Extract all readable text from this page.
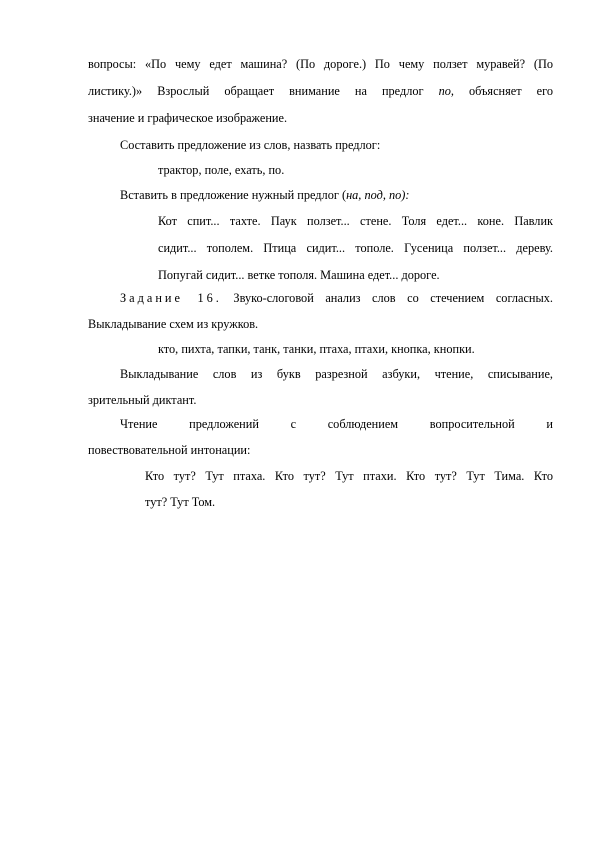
вопросы: «По чему едет машина? (По дороге.) По чему ползет муравей? (По

листику.)» Взрослый обращает внимание на предлог по, объясняет его

значение и графическое изображение.

Составить предложение из слов, назвать предлог:

трактор, поле, ехать, по.

Вставить в предложение нужный предлог (на, под, по):

Кот спит... тахте. Паук ползет... стене. Толя едет... коне. Павлик

сидит... тополем. Птица сидит... тополе. Гусеница ползет... дереву.

Попугай сидит... ветке тополя. Машина едет... дороге.

Задание 16. Звуко-слоговой анализ слов со стечением согласных.

Выкладывание схем из кружков.

кто, пихта, тапки, танк, танки, птаха, птахи, кнопка, кнопки.

Выкладывание слов из букв разрезной азбуки, чтение, списывание,

зрительный диктант.

Чтение предложений с соблюдением вопросительной и

повествовательной интонации:

Кто тут? Тут птаха. Кто тут? Тут птахи. Кто тут? Тут Тима. Кто

тут? Тут Том.
